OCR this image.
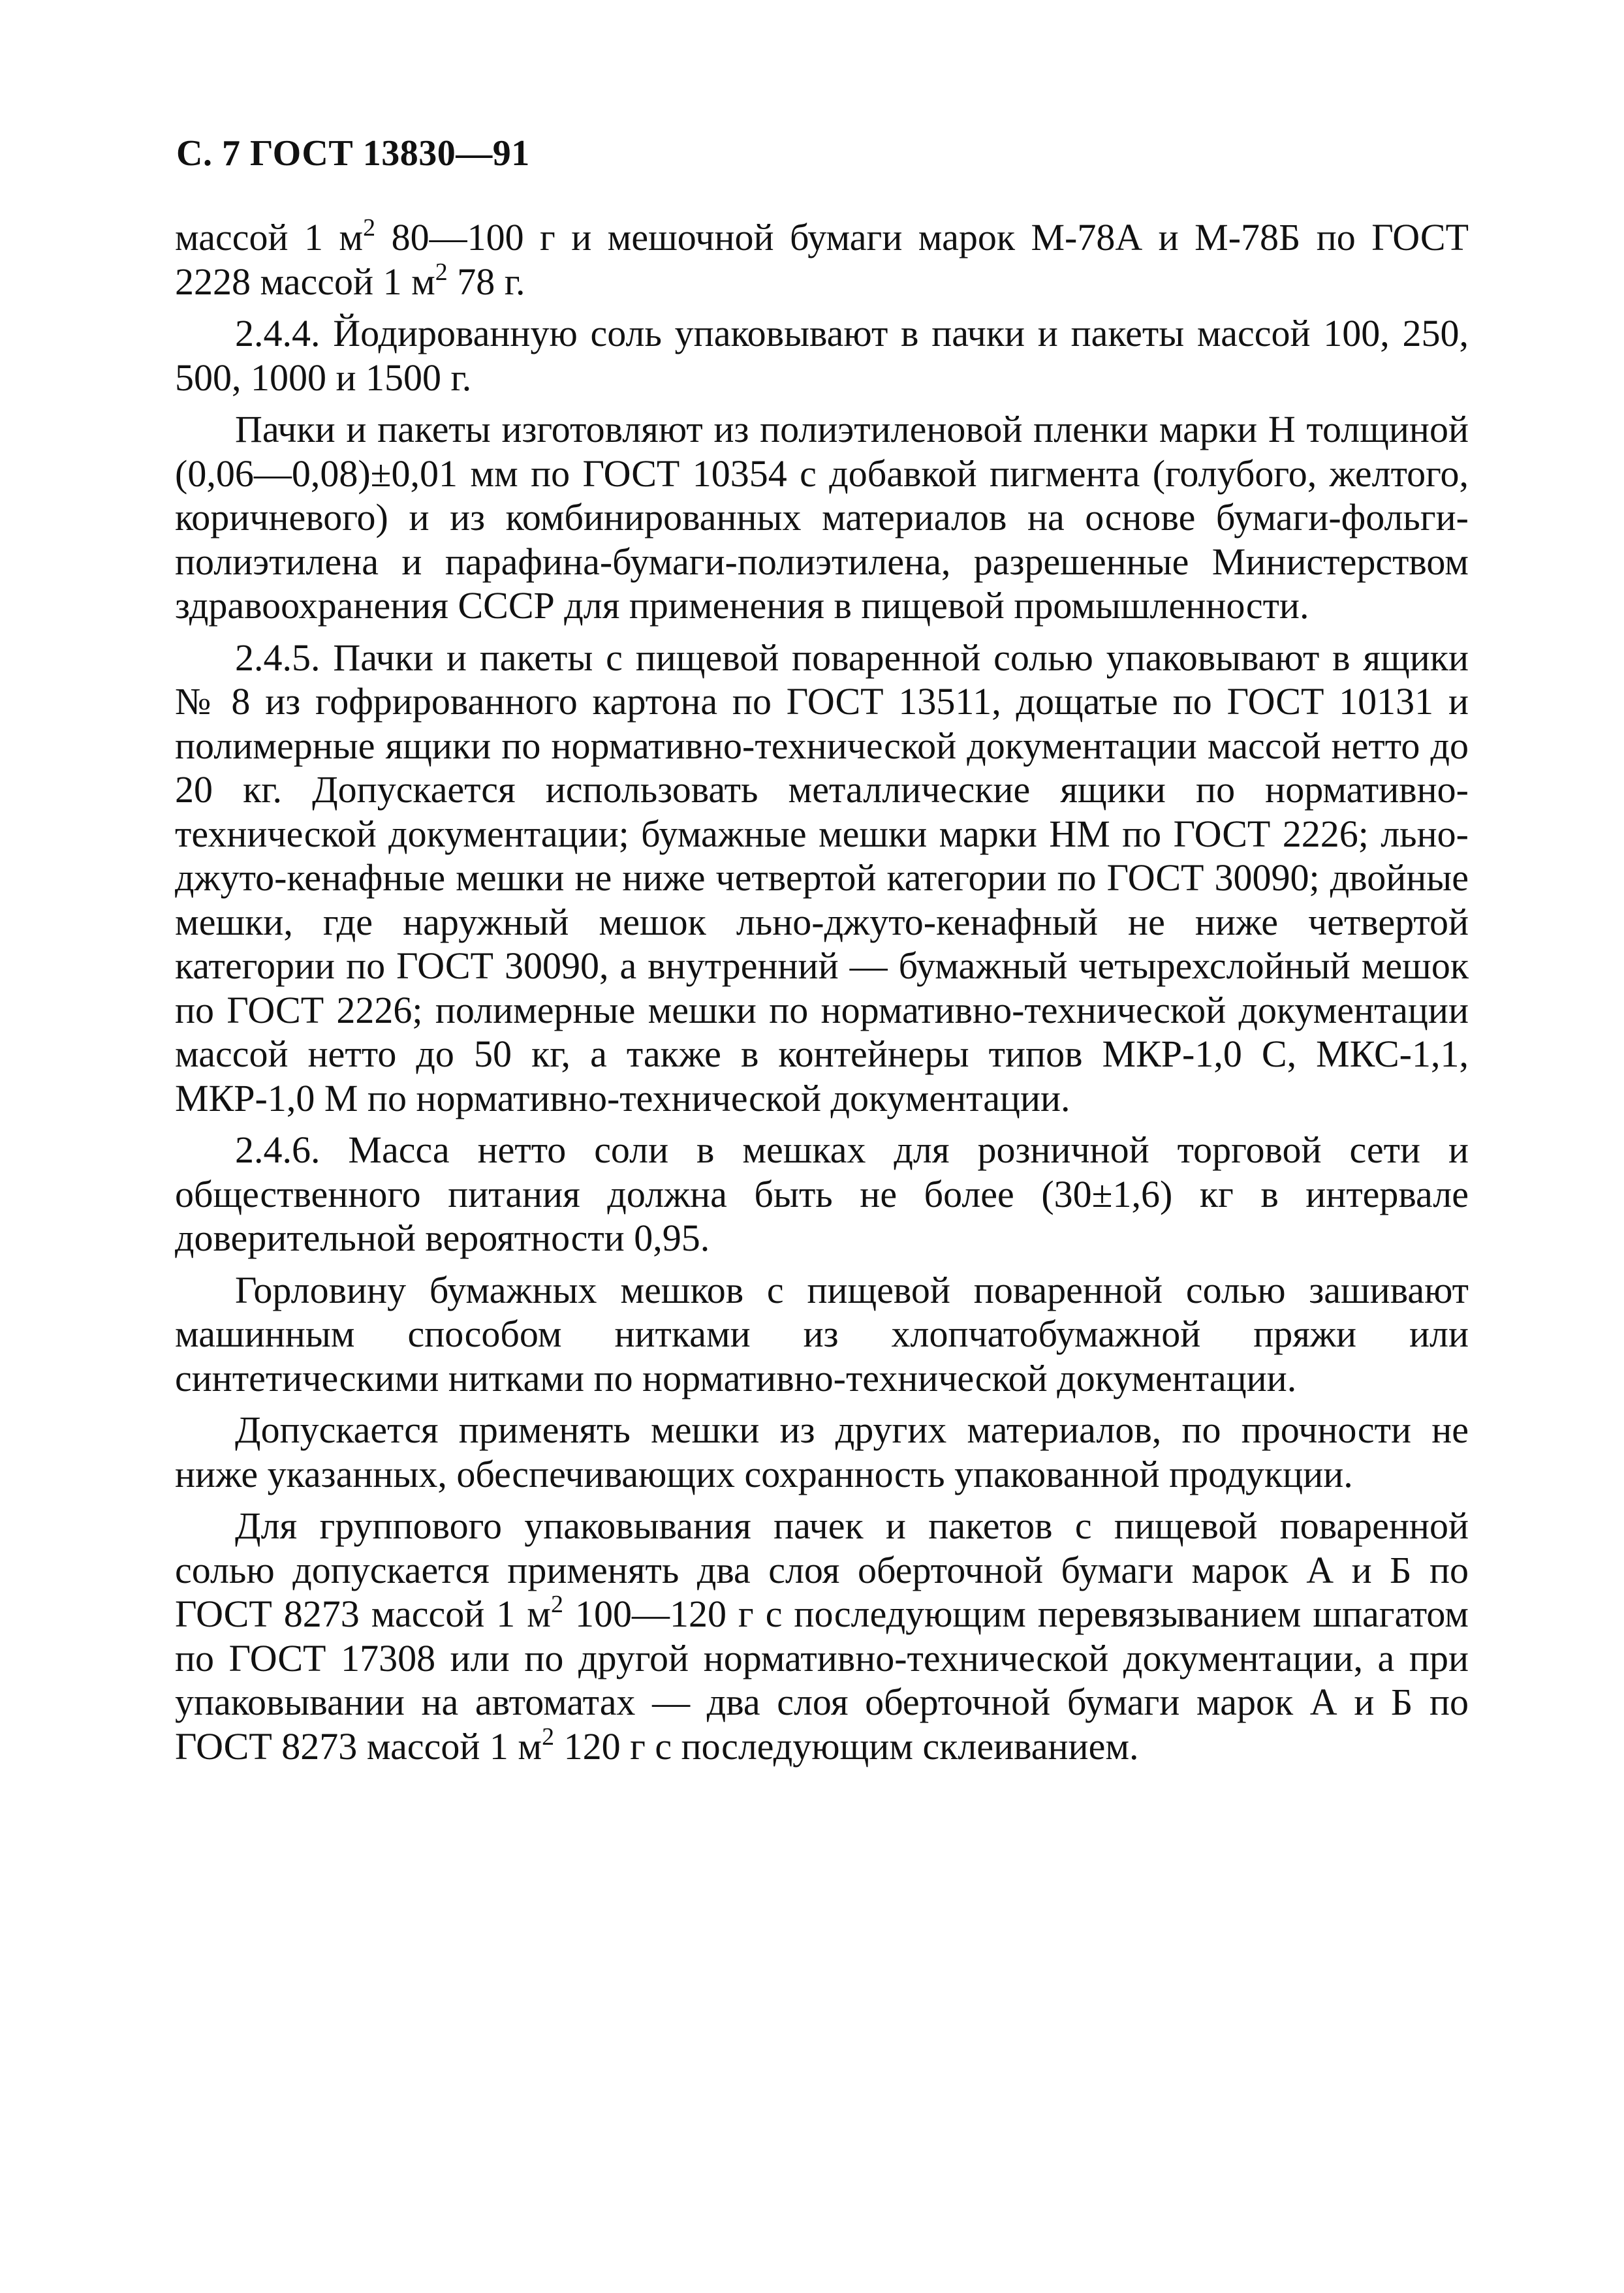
С. 7 ГОСТ 13830—91

массой 1 $м^2$ 80—100 г и мешочной бумаги марок М-78А и М-78Б по ГОСТ 2228 массой 1 $м^2$ 78 г.

2.4.4. Йодированную соль упаковывают в пачки и пакеты массой 100, 250, 500, 1000 и 1500 г.

Пачки и пакеты изготовляют из полиэтиленовой пленки марки Н толщиной (0,06—0,08)±0,01 мм по ГОСТ 10354 с добавкой пигмента (голубого, желтого, коричневого) и из комбинированных материалов на основе бумаги-фольги-полиэтилена и парафина-бумаги-полиэтилена, разрешенные Министерством здравоохранения СССР для применения в пищевой промышленности.

2.4.5. Пачки и пакеты с пищевой поваренной солью упаковывают в ящики № 8 из гофрированного картона по ГОСТ 13511, дощатые по ГОСТ 10131 и полимерные ящики по нормативно-технической документации массой нетто до 20 кг. Допускается использовать металлические ящики по нормативно-технической документации; бумажные мешки марки НМ по ГОСТ 2226; льно-джуто-кенафные мешки не ниже четвертой категории по ГОСТ 30090; двойные мешки, где наружный мешок льно-джуто-кенафный не ниже четвертой категории по ГОСТ 30090, а внутренний — бумажный четырехслойный мешок по ГОСТ 2226; полимерные мешки по нормативно-технической документации массой нетто до 50 кг, а также в контейнеры типов МКР-1,0 С, МКС-1,1, МКР-1,0 М по нормативно-технической документации.

2.4.6. Масса нетто соли в мешках для розничной торговой сети и общественного питания должна быть не более (30±1,6) кг в интервале доверительной вероятности 0,95.

Горловину бумажных мешков с пищевой поваренной солью зашивают машинным способом нитками из хлопчатобумажной пряжи или синтетическими нитками по нормативно-технической документации.

Допускается применять мешки из других материалов, по прочности не ниже указанных, обеспечивающих сохранность упакованной продукции.

Для группового упаковывания пачек и пакетов с пищевой поваренной солью допускается применять два слоя оберточной бумаги марок А и Б по ГОСТ 8273 массой 1 $м^2$ 100—120 г с последующим перевязыванием шпагатом по ГОСТ 17308 или по другой нормативно-технической документации, а при упаковывании на автоматах — два слоя оберточной бумаги марок А и Б по ГОСТ 8273 массой 1 $м^2$ 120 г с последующим склеиванием.
